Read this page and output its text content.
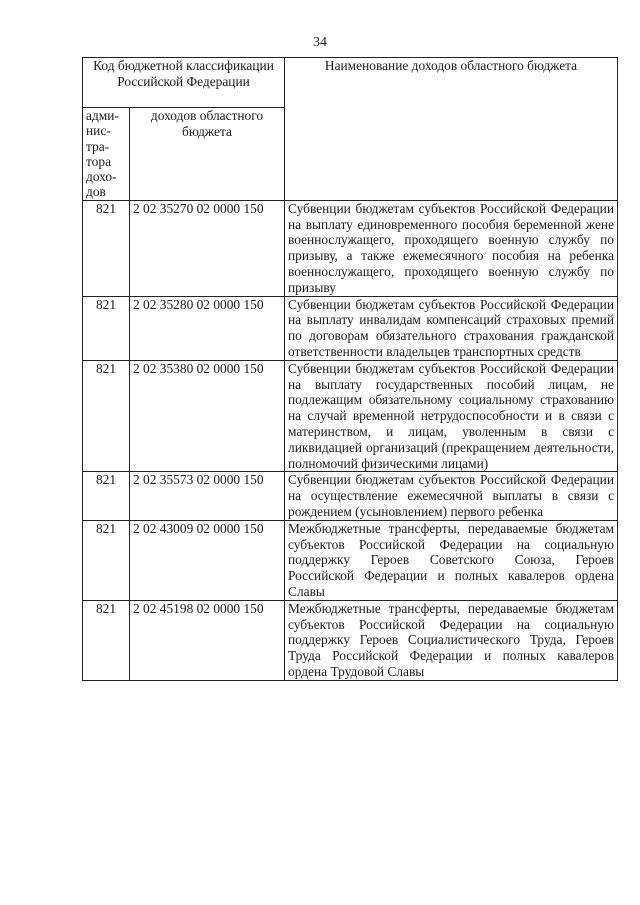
34
Код бюджетной классификации Российской Федерации		Наименование доходов областного бюджета
адми-нис-тра-тора дохо-дов	доходов областного бюджета	
821	2 02 35270 02 0000 150	Субвенции бюджетам субъектов Российской Федерации на выплату единовременного пособия беременной жене военнослужащего, проходящего военную службу по призыву, а также ежемесячного пособия на ребенка военнослужащего, проходящего военную службу по призыву
821	2 02 35280 02 0000 150	Субвенции бюджетам субъектов Российской Федерации на выплату инвалидам компенсаций страховых премий по договорам обязательного страхования гражданской ответственности владельцев транспортных средств
821	2 02 35380 02 0000 150	Субвенции бюджетам субъектов Российской Федерации на выплату государственных пособий лицам, не подлежащим обязательному социальному страхованию на случай временной нетрудоспособности и в связи с материнством, и лицам, уволенным в связи с ликвидацией организаций (прекращением деятельности, полномочий физическими лицами)
821	2 02 35573 02 0000 150	Субвенции бюджетам субъектов Российской Федерации на осуществление ежемесячной выплаты в связи с рождением (усыновлением) первого ребенка
821	2 02 43009 02 0000 150	Межбюджетные трансферты, передаваемые бюджетам субъектов Российской Федерации на социальную поддержку Героев Советского Союза, Героев Российской Федерации и полных кавалеров ордена Славы
821	2 02 45198 02 0000 150	Межбюджетные трансферты, передаваемые бюджетам субъектов Российской Федерации на социальную поддержку Героев Социалистического Труда, Героев Труда Российской Федерации и полных кавалеров ордена Трудовой Славы
